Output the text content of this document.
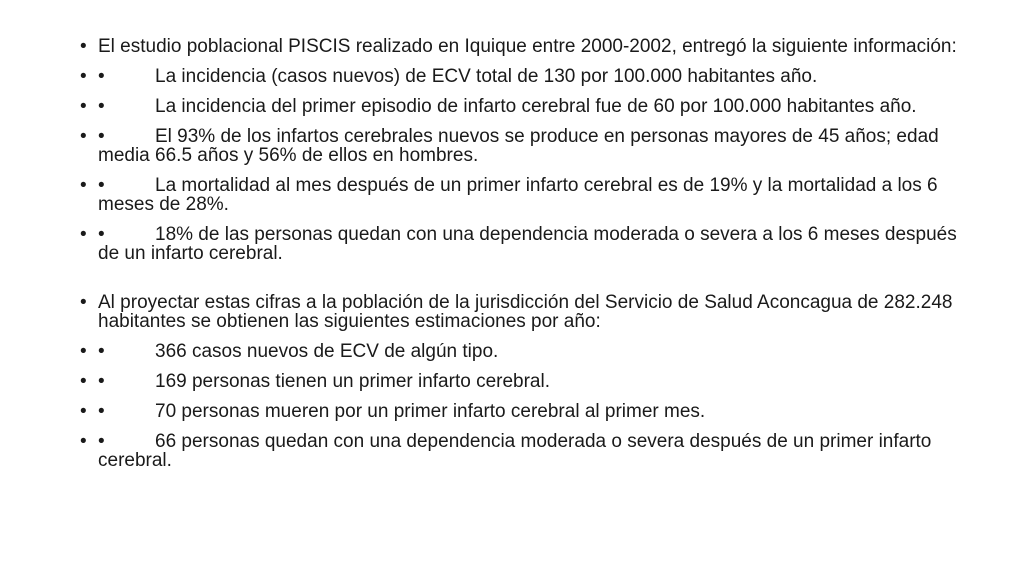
• El estudio poblacional PISCIS realizado en Iquique entre 2000-2002, entregó la siguiente información:
• •	La incidencia (casos nuevos) de ECV total de 130 por 100.000 habitantes año.
• •	La incidencia del primer episodio de infarto cerebral fue de 60 por 100.000 habitantes año.
• •	El 93% de los infartos cerebrales nuevos se produce en personas mayores de 45 años; edad media 66.5 años y 56% de ellos en hombres.
• •	La mortalidad al mes después de un primer infarto cerebral es de 19% y la mortalidad a los 6 meses de 28%.
• •	18% de las personas quedan con una dependencia moderada o severa a los 6 meses después de un infarto cerebral.
• Al proyectar estas cifras a la población de la jurisdicción del Servicio de Salud Aconcagua de 282.248 habitantes se obtienen las siguientes estimaciones por año:
• •	366 casos nuevos de ECV de algún tipo.
• •	169 personas tienen un primer infarto cerebral.
• •	70 personas mueren por un primer infarto cerebral al primer mes.
• •	66 personas quedan con una dependencia moderada o severa después de un primer infarto cerebral.
